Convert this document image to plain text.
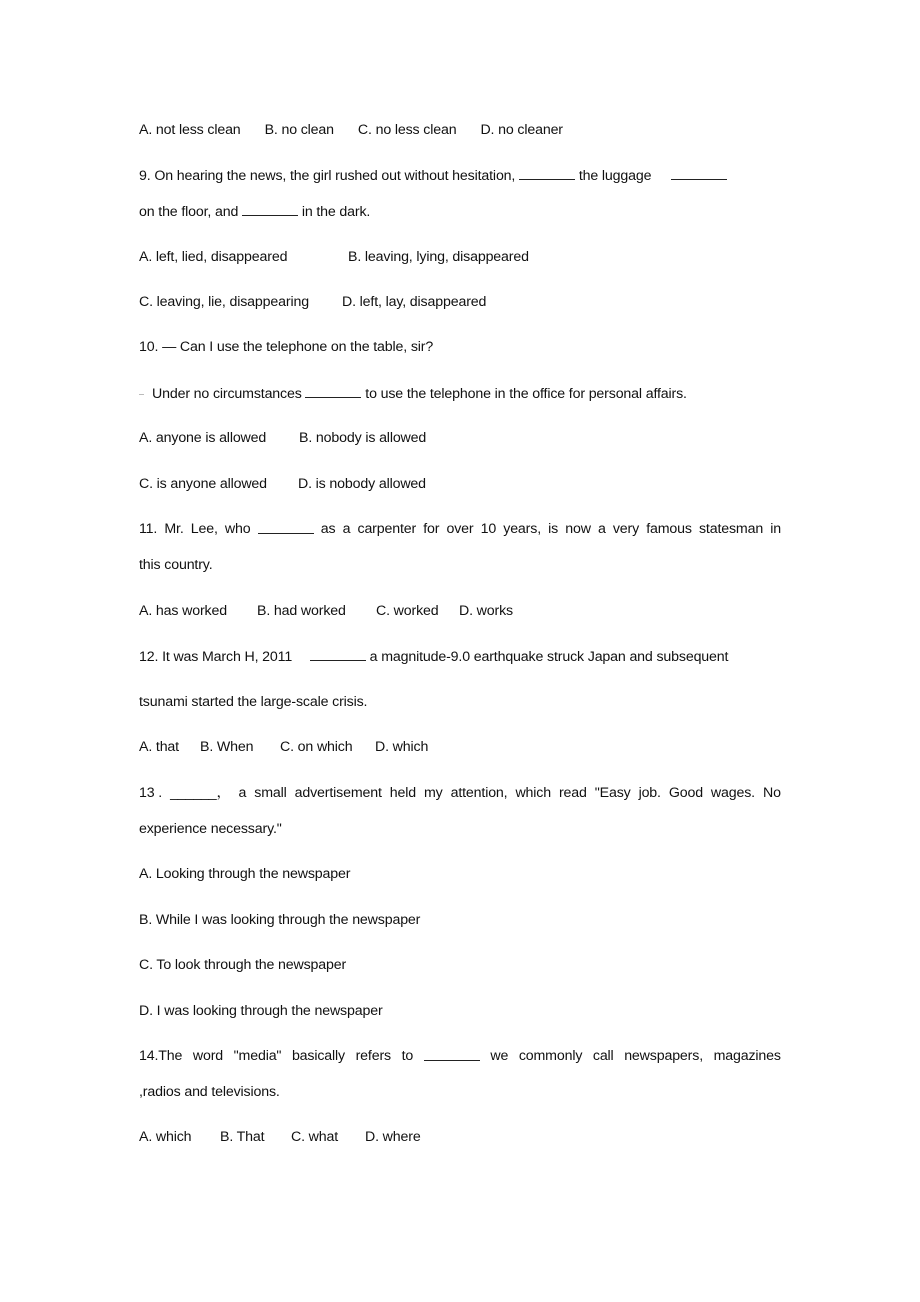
A. not less clean B. no clean C. no less clean D. no cleaner
9. On hearing the news, the girl rushed out without hesitation,	the luggage
on the floor, and	in the dark.
A. left, lied, disappeared	B. leaving, lying, disappeared
C. leaving, lie, disappearing D. left, lay, disappeared
10. — Can I use the telephone on the table, sir?
Under no circumstances	to use the telephone in the office for personal affairs.
A. anyone is allowed B. nobody is allowed
C. is anyone allowed D. is nobody allowed
11. Mr. Lee, who	as a carpenter for over 10 years, is now a very famous statesman in
this country.
A. has worked B. had worked C. worked D. works
12. It was March H, 2011	a magnitude-9.0 earthquake struck Japan and subsequent
tsunami started the large-scale crisis.
A. that B. When C. on which D. which
13 . ______， a small advertisement held my attention, which read "Easy job. Good wages. No
experience necessary."
A. Looking through the newspaper
B. While I was looking through the newspaper
C. To look through the newspaper
D. I was looking through the newspaper
14.The word "media" basically refers to	we commonly call newspapers, magazines
,radios and televisions.
A. which B. That C. what D. where
